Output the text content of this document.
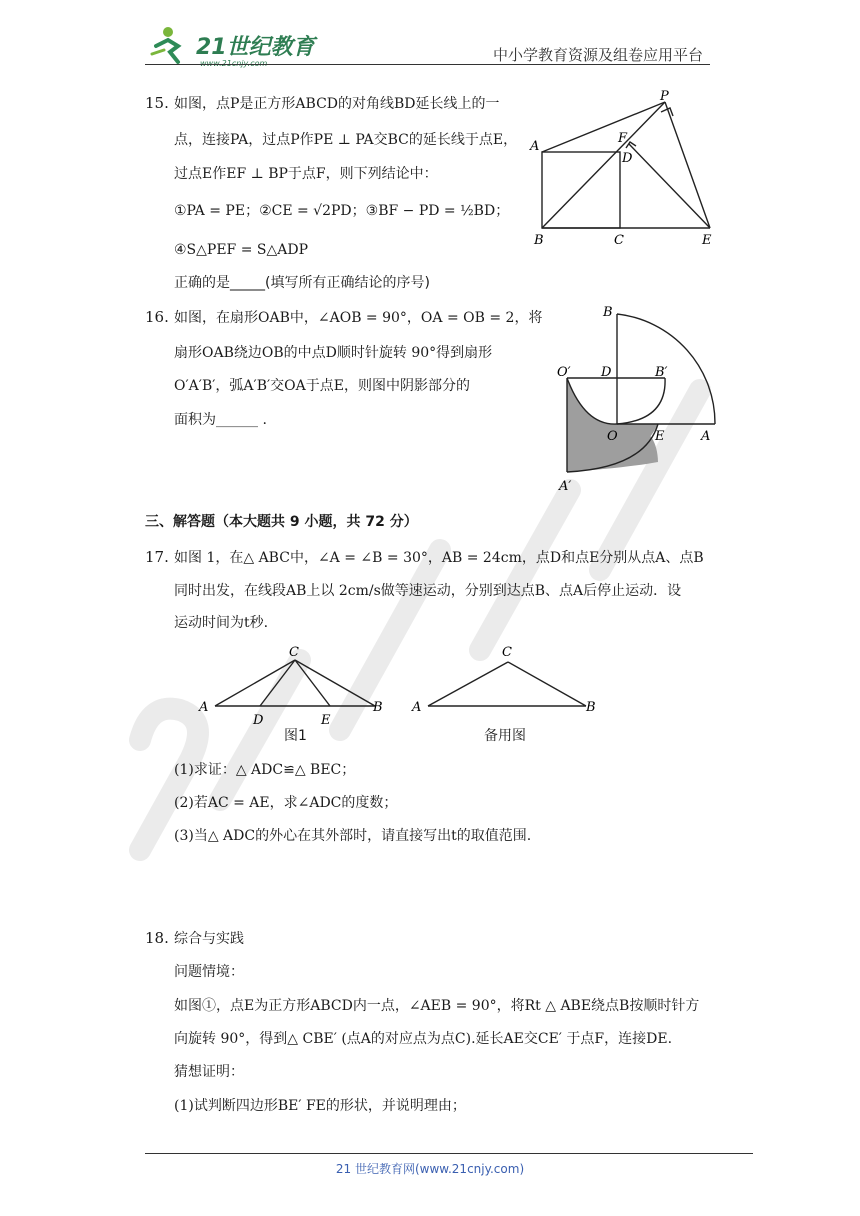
21世纪教育	中小学教育资源及组卷应用平台
15. 如图，点P是正方形ABCD的对角线BD延长线上的一
点，连接PA，过点P作PE ⊥ PA交BC的延长线于点E，
过点E作EF ⊥ BP于点F，则下列结论中：
①PA = PE；②CE = √2PD；③BF − PD = ½BD；
④S△PEF = S△ADP
正确的是_____(填写所有正确结论的序号)
A
B	C
D
E
F
P
16. 如图，在扇形OAB中，∠AOB = 90°，OA = OB = 2，将
扇形OAB绕边OB的中点D顺时针旋转 90°得到扇形
O′A′B′，弧A′B′交OA于点E，则图中阴影部分的
面积为______ .
B
O′ D	B′
O	E	A
A′
三、解答题（本大题共 9 小题，共 72 分）
17. 如图 1，在△ ABC中，∠A = ∠B = 30°，AB = 24cm，点D和点E分别从点A、点B
同时出发，在线段AB上以 2cm/s做等速运动，分别到达点B、点A后停止运动．设
运动时间为t秒.
C
A
D	E
B
图1
C
A	B
备用图
(1)求证：△ ADC≌△ BEC；
(2)若AC = AE，求∠ADC的度数；
(3)当△ ADC的外心在其外部时，请直接写出t的取值范围.
18. 综合与实践
问题情境：
如图①，点E为正方形ABCD内一点，∠AEB = 90°，将Rt △ ABE绕点B按顺时针方
向旋转 90°，得到△ CBE′ (点A的对应点为点C).延长AE交CE′ 于点F，连接DE.
猜想证明：
(1)试判断四边形BE′ FE的形状，并说明理由；
21 世纪教育网(www.21cnjy.com)
